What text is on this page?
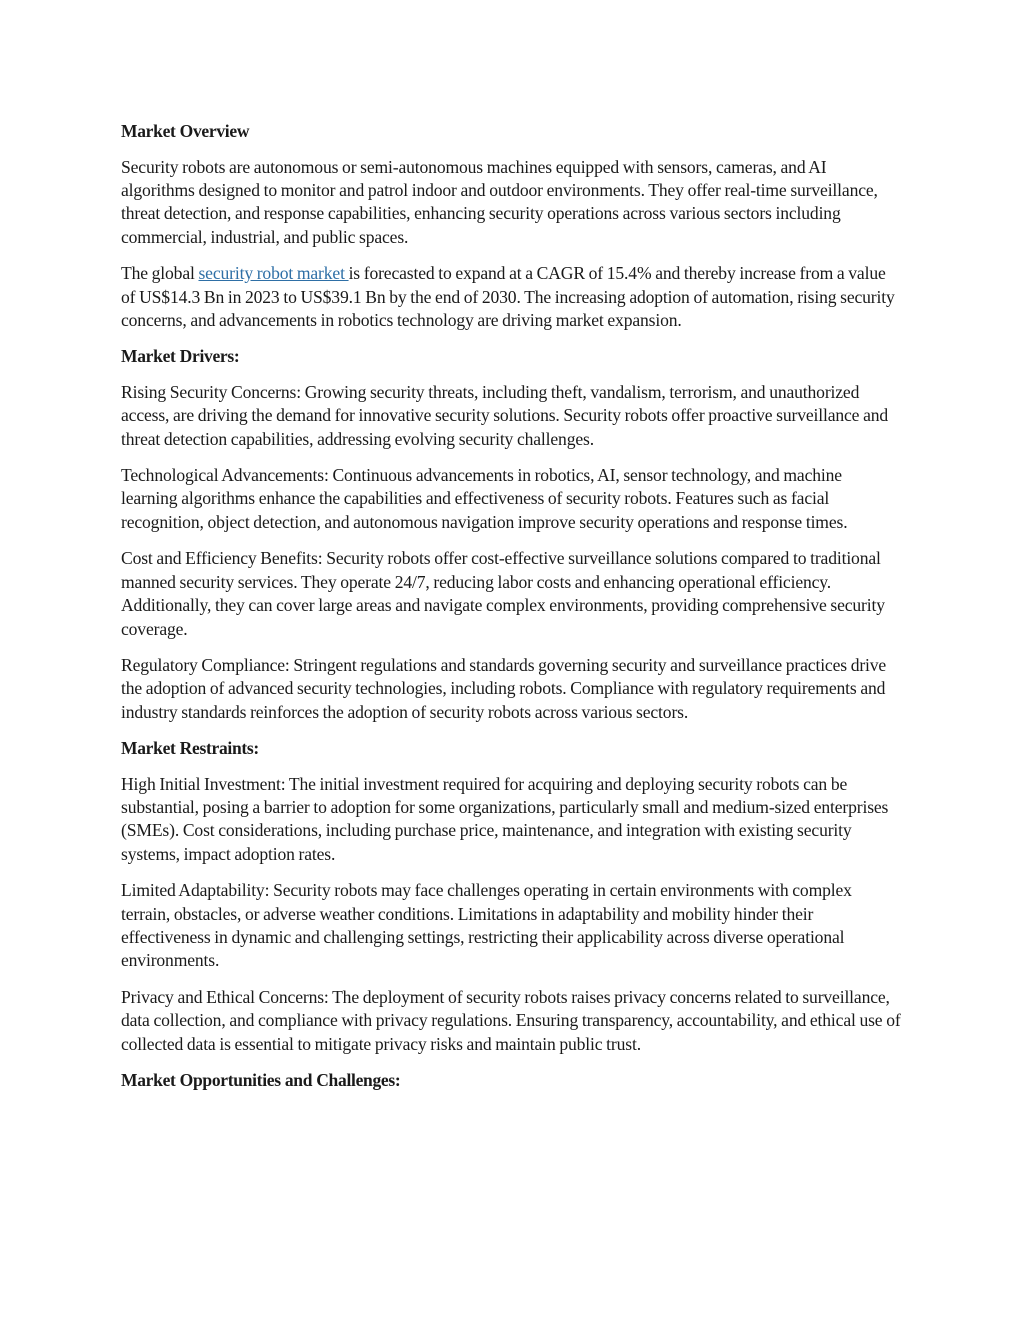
Market Overview

Security robots are autonomous or semi-autonomous machines equipped with sensors, cameras, and AI algorithms designed to monitor and patrol indoor and outdoor environments. They offer real-time surveillance, threat detection, and response capabilities, enhancing security operations across various sectors including commercial, industrial, and public spaces.

The global security robot market is forecasted to expand at a CAGR of 15.4% and thereby increase from a value of US$14.3 Bn in 2023 to US$39.1 Bn by the end of 2030. The increasing adoption of automation, rising security concerns, and advancements in robotics technology are driving market expansion.

Market Drivers:

Rising Security Concerns: Growing security threats, including theft, vandalism, terrorism, and unauthorized access, are driving the demand for innovative security solutions. Security robots offer proactive surveillance and threat detection capabilities, addressing evolving security challenges.

Technological Advancements: Continuous advancements in robotics, AI, sensor technology, and machine learning algorithms enhance the capabilities and effectiveness of security robots. Features such as facial recognition, object detection, and autonomous navigation improve security operations and response times.

Cost and Efficiency Benefits: Security robots offer cost-effective surveillance solutions compared to traditional manned security services. They operate 24/7, reducing labor costs and enhancing operational efficiency. Additionally, they can cover large areas and navigate complex environments, providing comprehensive security coverage.

Regulatory Compliance: Stringent regulations and standards governing security and surveillance practices drive the adoption of advanced security technologies, including robots. Compliance with regulatory requirements and industry standards reinforces the adoption of security robots across various sectors.

Market Restraints:

High Initial Investment: The initial investment required for acquiring and deploying security robots can be substantial, posing a barrier to adoption for some organizations, particularly small and medium-sized enterprises (SMEs). Cost considerations, including purchase price, maintenance, and integration with existing security systems, impact adoption rates.

Limited Adaptability: Security robots may face challenges operating in certain environments with complex terrain, obstacles, or adverse weather conditions. Limitations in adaptability and mobility hinder their effectiveness in dynamic and challenging settings, restricting their applicability across diverse operational environments.

Privacy and Ethical Concerns: The deployment of security robots raises privacy concerns related to surveillance, data collection, and compliance with privacy regulations. Ensuring transparency, accountability, and ethical use of collected data is essential to mitigate privacy risks and maintain public trust.

Market Opportunities and Challenges:
